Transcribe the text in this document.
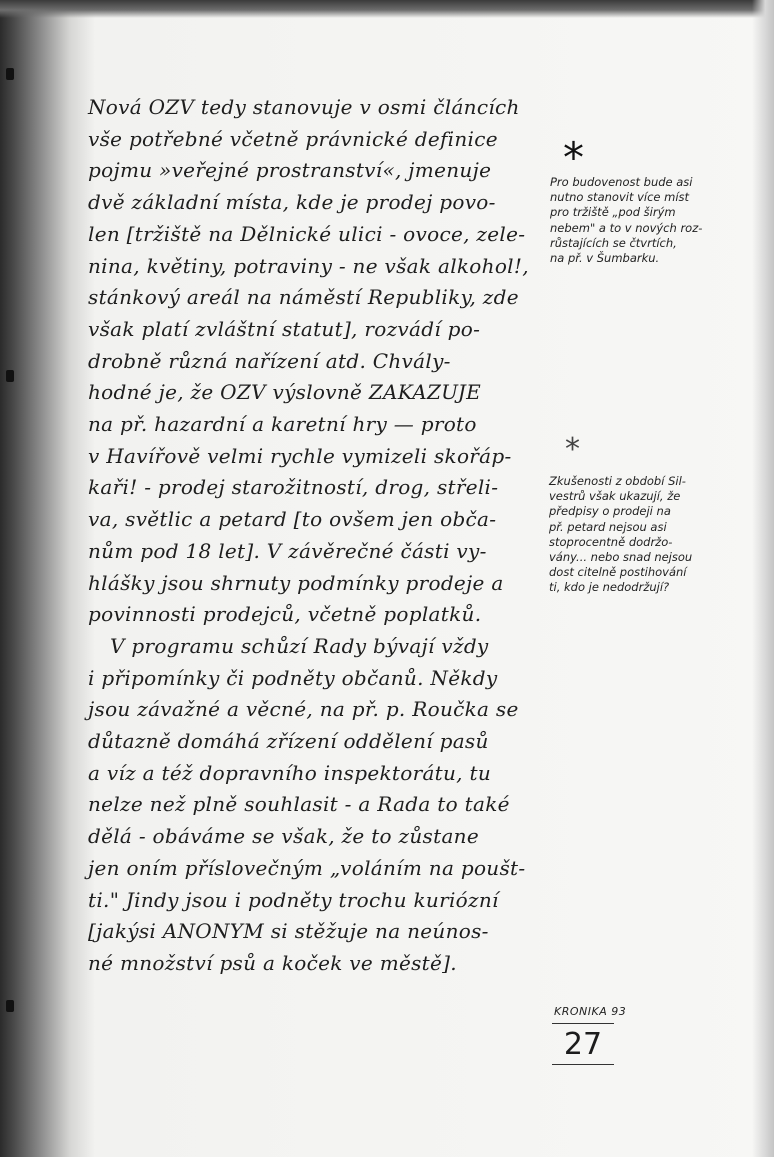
Nová OZV tedy stanovuje v osmi článcích
vše potřebné včetně právnické definice
pojmu »veřejné prostranství«, jmenuje
dvě základní místa, kde je prodej povo-
len [tržiště na Dělnické ulici - ovoce, zele-
nina, květiny, potraviny - ne však alkohol!,
stánkový areál na náměstí Republiky, zde
však platí zvláštní statut], rozvádí po-
drobně různá nařízení atd. Chvály-
hodné je, že OZV výslovně ZAKAZUJE
na př. hazardní a karetní hry — proto
v Havířově velmi rychle vymizeli skořáp-
kaři! - prodej starožitností, drog, střeli-
va, světlic a petard [to ovšem jen obča-
nům pod 18 let]. V závěrečné části vy-
hlášky jsou shrnuty podmínky prodeje a
povinnosti prodejců, včetně poplatků.

V programu schůzí Rady bývají vždy
i připomínky či podněty občanů. Někdy
jsou závažné a věcné, na př. p. Roučka se
důtazně domáhá zřízení oddělení pasů
a víz a též dopravního inspektorátu, tu
nelze než plně souhlasit - a Rada to také
dělá - obáváme se však, že to zůstane
jen oním příslovečným „voláním na poušt-
ti." Jindy jsou i podněty trochu kuriózní
[jakýsi ANONYM si stěžuje na neúnos-
né množství psů a koček ve městě].

*
Pro budovenost bude asi
nutno stanovit více míst
pro tržiště „pod širým
nebem" a to v nových roz-
růstajících se čtvrtích,
na př. v Šumbarku.
*
Zkušenosti z období Sil-
vestrů však ukazují, že
předpisy o prodeji na
př. petard nejsou asi
stoprocentně dodržo-
vány... nebo snad nejsou
dost citelně postihování
ti, kdo je nedodržují?
KRONIKA 93
27
